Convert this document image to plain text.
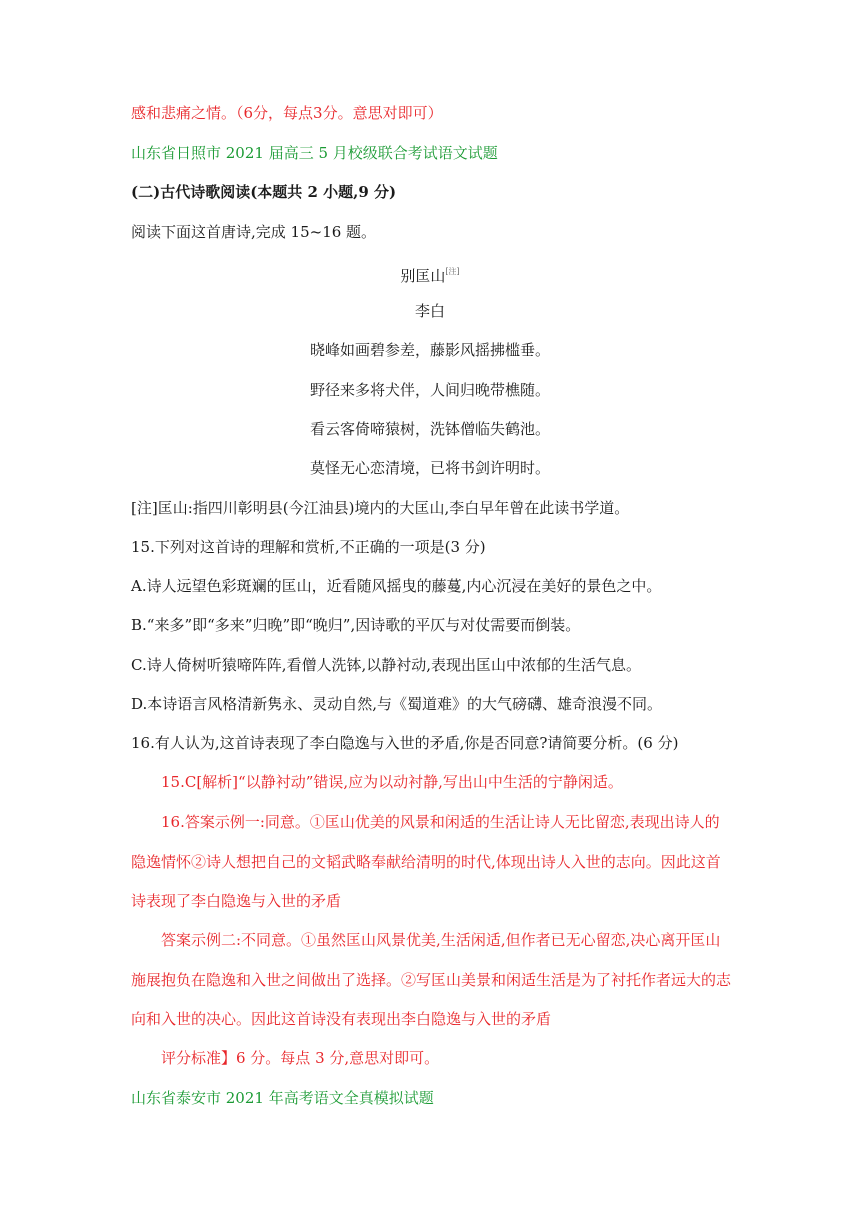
感和悲痛之情。（6分，每点3分。意思对即可）
山东省日照市 2021 届高三 5 月校级联合考试语文试题
(二)古代诗歌阅读(本题共 2 小题,9 分)
阅读下面这首唐诗,完成 15~16 题。
别匡山[注]
李白
晓峰如画碧参差，藤影风摇拂槛垂。
野径来多将犬伴，人间归晚带樵随。
看云客倚啼猿树，洗钵僧临失鹤池。
莫怪无心恋清境，已将书剑许明时。
[注]匡山:指四川彰明县(今江油县)境内的大匡山,李白早年曾在此读书学道。
15.下列对这首诗的理解和赏析,不正确的一项是(3 分)
A.诗人远望色彩斑斓的匡山，近看随风摇曳的藤蔓,内心沉浸在美好的景色之中。
B.“来多”即“多来”归晚”即“晚归”,因诗歌的平仄与对仗需要而倒装。
C.诗人倚树听猿啼阵阵,看僧人洗钵,以静衬动,表现出匡山中浓郁的生活气息。
D.本诗语言风格清新隽永、灵动自然,与《蜀道难》的大气磅礴、雄奇浪漫不同。
16.有人认为,这首诗表现了李白隐逸与入世的矛盾,你是否同意?请简要分析。(6 分)
15.C[解析]“以静衬动”错误,应为以动衬静,写出山中生活的宁静闲适。
16.答案示例一:同意。①匡山优美的风景和闲适的生活让诗人无比留恋,表现出诗人的
隐逸情怀②诗人想把自己的文韬武略奉献给清明的时代,体现出诗人入世的志向。因此这首
诗表现了李白隐逸与入世的矛盾
答案示例二:不同意。①虽然匡山风景优美,生活闲适,但作者已无心留恋,决心离开匡山
施展抱负在隐逸和入世之间做出了选择。②写匡山美景和闲适生活是为了衬托作者远大的志
向和入世的决心。因此这首诗没有表现出李白隐逸与入世的矛盾
评分标准】6 分。每点 3 分,意思对即可。
山东省泰安市 2021 年高考语文全真模拟试题
